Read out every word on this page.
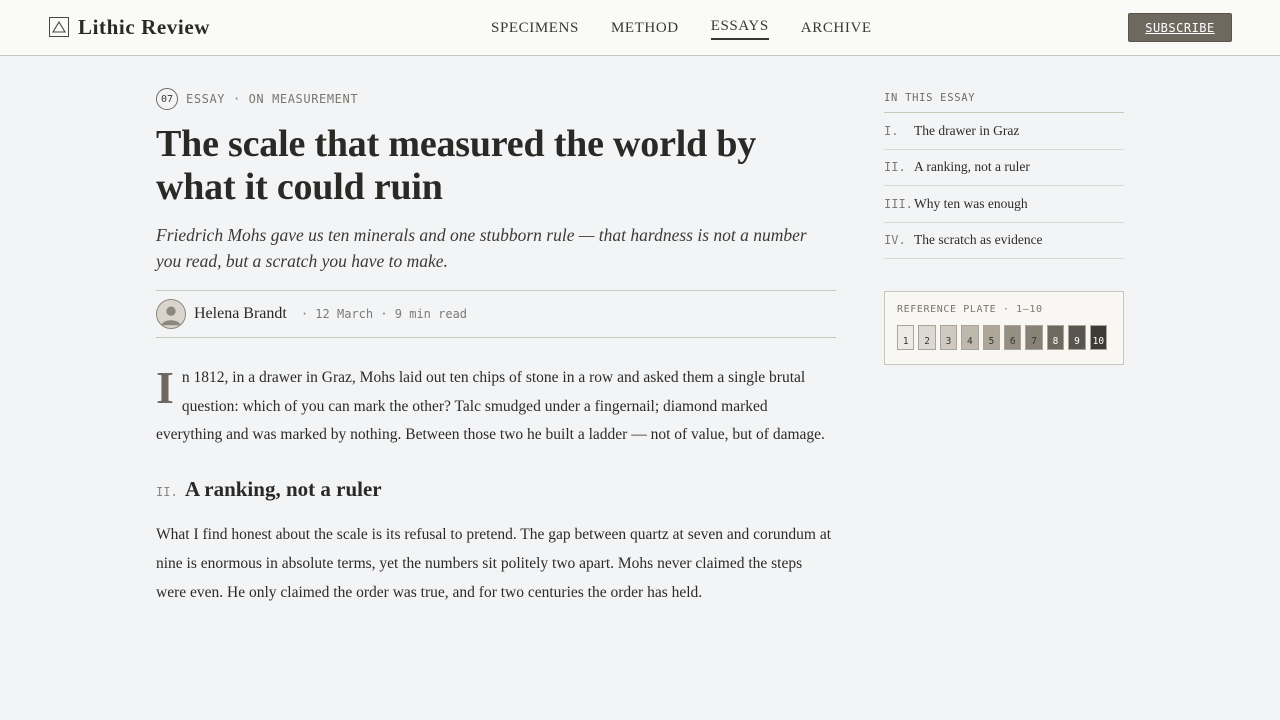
Lithic Review	SPECIMENS METHOD ESSAYS ARCHIVE	SUBSCRIBE
07	ESSAY · ON MEASUREMENT
The scale that measured the world by what it could ruin

Friedrich Mohs gave us ten minerals and one stubborn rule — that hardness is not a number you read, but a scratch you have to make.

Helena Brandt · 12 March · 9 min read

In 1812, in a drawer in Graz, Mohs laid out ten chips of stone in a row and asked them a single brutal question: which of you can mark the other? Talc smudged under a fingernail; diamond marked everything and was marked by nothing. Between those two he built a ladder — not of value, but of damage.

II. A ranking, not a ruler

What I find honest about the scale is its refusal to pretend. The gap between quartz at seven and corundum at nine is enormous in absolute terms, yet the numbers sit politely two apart. Mohs never claimed the steps were even. He only claimed the order was true, and for two centuries the order has held.

IN THIS ESSAY
I.	The drawer in Graz
II. A ranking, not a ruler
III. Why ten was enough
IV. The scratch as evidence
REFERENCE PLATE · 1–10
1	2	3	4	5	6	7	8	9	10
